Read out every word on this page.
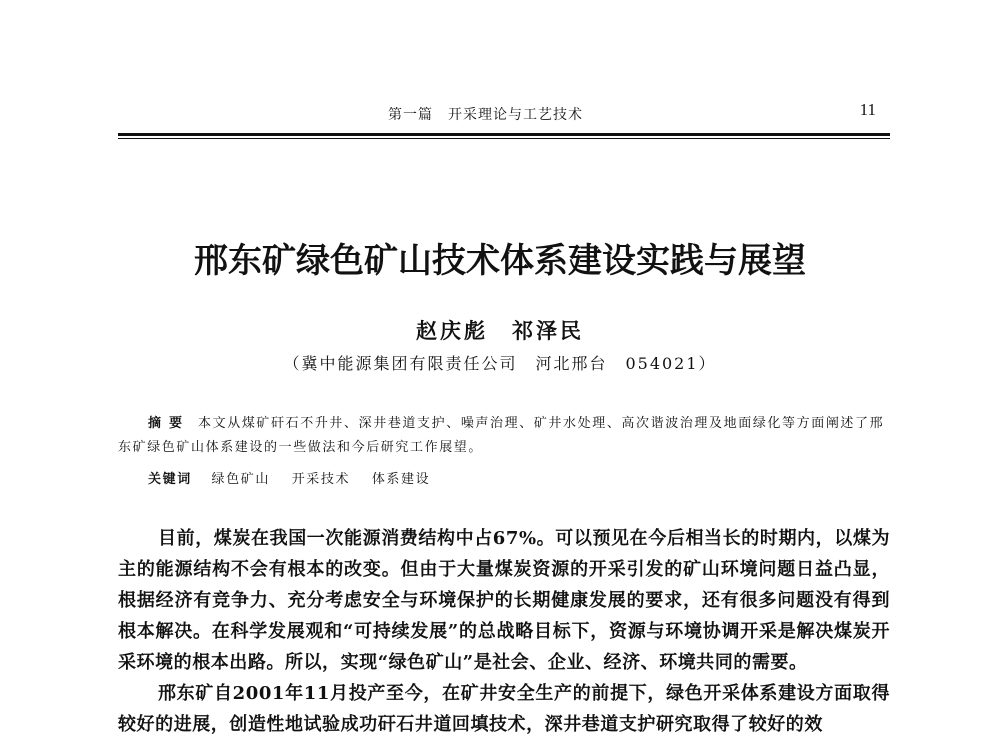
第一篇　开采理论与工艺技术	11
邢东矿绿色矿山技术体系建设实践与展望
赵庆彪　祁泽民
（冀中能源集团有限责任公司　河北邢台　054021）
摘要 本文从煤矿矸石不升井、深井巷道支护、噪声治理、矿井水处理、高次谐波治理及地面绿化等方面阐述了邢东矿绿色矿山体系建设的一些做法和今后研究工作展望。
关键词 绿色矿山 开采技术 体系建设

目前，煤炭在我国一次能源消费结构中占67%。可以预见在今后相当长的时期内，以煤为主的能源结构不会有根本的改变。但由于大量煤炭资源的开采引发的矿山环境问题日益凸显，根据经济有竞争力、充分考虑安全与环境保护的长期健康发展的要求，还有很多问题没有得到根本解决。在科学发展观和“可持续发展”的总战略目标下，资源与环境协调开采是解决煤炭开采环境的根本出路。所以，实现“绿色矿山”是社会、企业、经济、环境共同的需要。

邢东矿自2001年11月投产至今，在矿井安全生产的前提下，绿色开采体系建设方面取得较好的进展，创造性地试验成功矸石井道回填技术，深井巷道支护研究取得了较好的效
